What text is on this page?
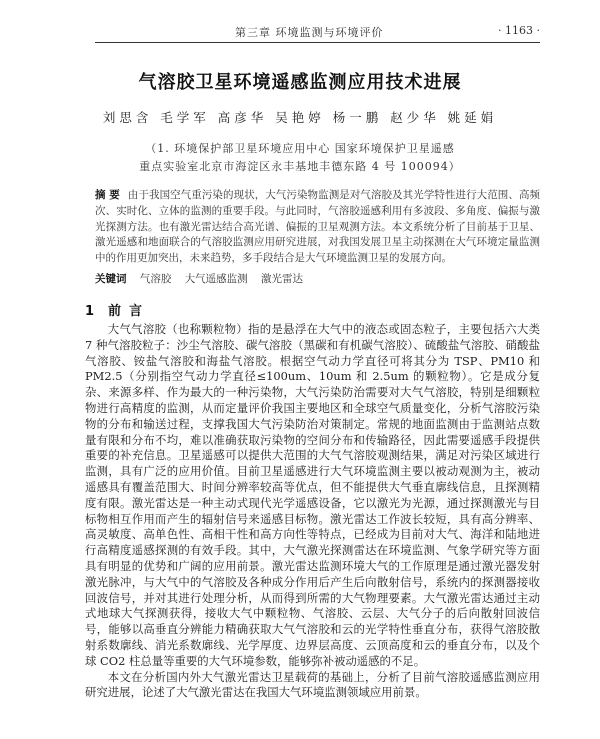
第三章 环境监测与环境评价	· 1163 ·
气溶胶卫星环境遥感监测应用技术进展
刘思含 毛学军 高彦华 吴艳婷 杨一鹏 赵少华 姚延娟
（1. 环境保护部卫星环境应用中心 国家环境保护卫星遥感
重点实验室北京市海淀区永丰基地丰德东路 4 号 100094）
摘 要 由于我国空气重污染的现状，大气污染物监测是对气溶胶及其光学特性进行大范围、高频次、实时化、立体的监测的重要手段。与此同时，气溶胶遥感利用有多波段、多角度、偏振与激光探测方法。也有激光雷达结合高光谱、偏振的卫星观测方法。本文系统分析了目前基于卫星、激光遥感和地面联合的气溶胶监测应用研究进展，对我国发展卫星主动探测在大气环境定量监测中的作用更加突出，未来趋势，多手段结合是大气环境监测卫星的发展方向。
关键词 气溶胶 大气遥感监测 激光雷达
1 前言

大气气溶胶（也称颗粒物）指的是悬浮在大气中的液态或固态粒子，主要包括六大类 7 种气溶胶粒子：沙尘气溶胶、碳气溶胶（黑碳和有机碳气溶胶）、硫酸盐气溶胶、硝酸盐气溶胶、铵盐气溶胶和海盐气溶胶。根据空气动力学直径可将其分为 TSP、PM10 和 PM2.5（分别指空气动力学直径≤100um、10um 和 2.5um 的颗粒物）。它是成分复杂、来源多样、作为最大的一种污染物，大气污染防治需要对大气气溶胶，特别是细颗粒物进行高精度的监测，从而定量评价我国主要地区和全球空气质量变化，分析气溶胶污染物的分布和输送过程，支撑我国大气污染防治对策制定。常规的地面监测由于监测站点数量有限和分布不均，难以准确获取污染物的空间分布和传输路径，因此需要遥感手段提供重要的补充信息。卫星遥感可以提供大范围的大气气溶胶观测结果，满足对污染区域进行监测，具有广泛的应用价值。目前卫星遥感进行大气环境监测主要以被动观测为主，被动遥感具有覆盖范围大、时间分辨率较高等优点，但不能提供大气垂直廓线信息，且探测精度有限。激光雷达是一种主动式现代光学遥感设备，它以激光为光源，通过探测激光与目标物相互作用而产生的辐射信号来遥感目标物。激光雷达工作波长较短，具有高分辨率、高灵敏度、高单色性、高相干性和高方向性等特点，已经成为目前对大气、海洋和陆地进行高精度遥感探测的有效手段。其中，大气激光探测雷达在环境监测、气象学研究等方面具有明显的优势和广阔的应用前景。激光雷达监测环境大气的工作原理是通过激光器发射激光脉冲，与大气中的气溶胶及各种成分作用后产生后向散射信号，系统内的探测器接收回波信号，并对其进行处理分析，从而得到所需的大气物理要素。大气激光雷达通过主动式地球大气探测获得，接收大气中颗粒物、气溶胶、云层、大气分子的后向散射回波信号，能够以高垂直分辨能力精确获取大气气溶胶和云的光学特性垂直分布，获得气溶胶散射系数廓线、消光系数廓线、光学厚度、边界层高度、云顶高度和云的垂直分布，以及个球 CO2 柱总量等重要的大气环境参数，能够弥补被动遥感的不足。

本文在分析国内外大气激光雷达卫星载荷的基础上，分析了目前气溶胶遥感监测应用研究进展，论述了大气激光雷达在我国大气环境监测领域应用前景。
